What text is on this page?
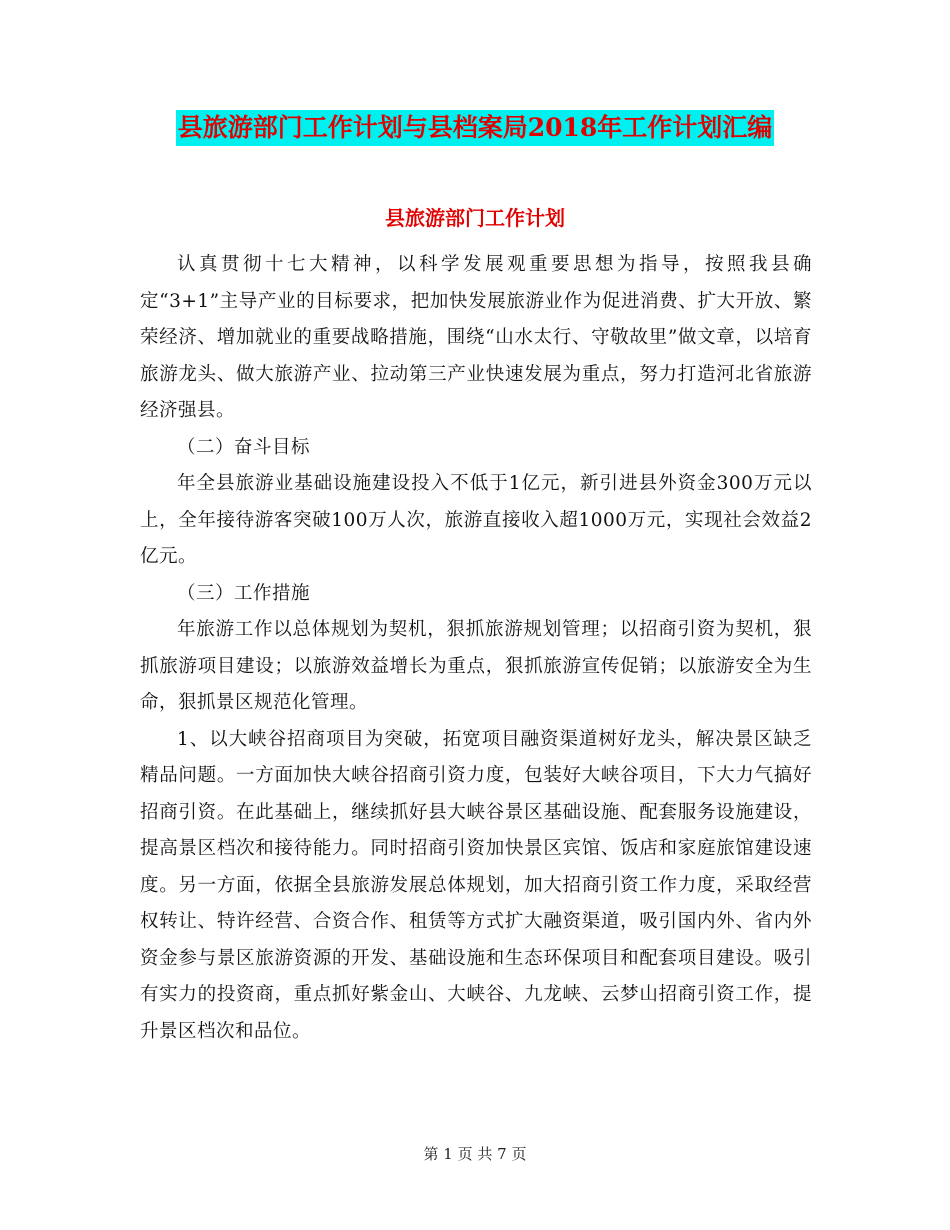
县旅游部门工作计划与县档案局2018年工作计划汇编
县旅游部门工作计划

认真贯彻十七大精神，以科学发展观重要思想为指导，按照我县确定“3+1”主导产业的目标要求，把加快发展旅游业作为促进消费、扩大开放、繁荣经济、增加就业的重要战略措施，围绕“山水太行、守敬故里”做文章，以培育旅游龙头、做大旅游产业、拉动第三产业快速发展为重点，努力打造河北省旅游经济强县。

（二）奋斗目标

年全县旅游业基础设施建设投入不低于1亿元，新引进县外资金300万元以上，全年接待游客突破100万人次，旅游直接收入超1000万元，实现社会效益2亿元。

（三）工作措施

年旅游工作以总体规划为契机，狠抓旅游规划管理；以招商引资为契机，狠抓旅游项目建设；以旅游效益增长为重点，狠抓旅游宣传促销；以旅游安全为生命，狠抓景区规范化管理。

1、以大峡谷招商项目为突破，拓宽项目融资渠道树好龙头，解决景区缺乏精品问题。一方面加快大峡谷招商引资力度，包装好大峡谷项目，下大力气搞好招商引资。在此基础上，继续抓好县大峡谷景区基础设施、配套服务设施建设，提高景区档次和接待能力。同时招商引资加快景区宾馆、饭店和家庭旅馆建设速度。另一方面，依据全县旅游发展总体规划，加大招商引资工作力度，采取经营权转让、特许经营、合资合作、租赁等方式扩大融资渠道，吸引国内外、省内外资金参与景区旅游资源的开发、基础设施和生态环保项目和配套项目建设。吸引有实力的投资商，重点抓好紫金山、大峡谷、九龙峡、云梦山招商引资工作，提升景区档次和品位。

第 1 页 共 7 页
